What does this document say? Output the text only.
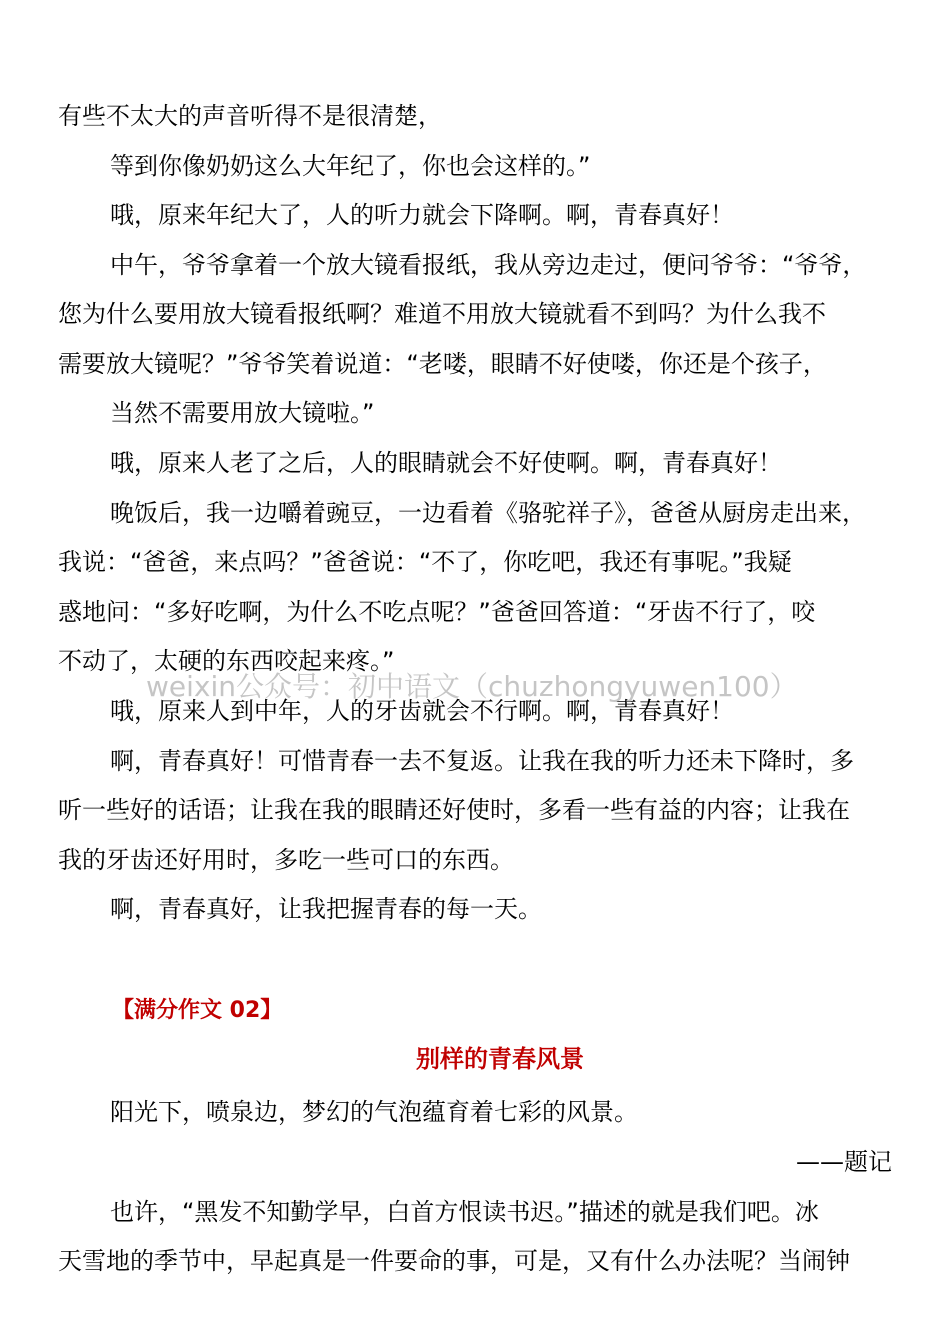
有些不太大的声音听得不是很清楚，
等到你像奶奶这么大年纪了，你也会这样的。”
哦，原来年纪大了，人的听力就会下降啊。啊，青春真好！
中午，爷爷拿着一个放大镜看报纸，我从旁边走过，便问爷爷：“爷爷，
您为什么要用放大镜看报纸啊？难道不用放大镜就看不到吗？为什么我不
需要放大镜呢？”爷爷笑着说道：“老喽，眼睛不好使喽，你还是个孩子，
当然不需要用放大镜啦。”
哦，原来人老了之后，人的眼睛就会不好使啊。啊，青春真好！
晚饭后，我一边嚼着豌豆，一边看着《骆驼祥子》，爸爸从厨房走出来，
我说：“爸爸，来点吗？”爸爸说：“不了，你吃吧，我还有事呢。”我疑
惑地问：“多好吃啊，为什么不吃点呢？”爸爸回答道：“牙齿不行了，咬
不动了，太硬的东西咬起来疼。”
哦，原来人到中年，人的牙齿就会不行啊。啊，青春真好！
啊，青春真好！可惜青春一去不复返。让我在我的听力还未下降时，多
听一些好的话语；让我在我的眼睛还好使时，多看一些有益的内容；让我在
我的牙齿还好用时，多吃一些可口的东西。
啊，青春真好，让我把握青春的每一天。
weixin公众号：初中语文（chuzhongyuwen100）
【满分作文 02】
别样的青春风景
阳光下，喷泉边，梦幻的气泡蕴育着七彩的风景。
——题记
也许，“黑发不知勤学早，白首方恨读书迟。”描述的就是我们吧。冰
天雪地的季节中，早起真是一件要命的事，可是，又有什么办法呢？当闹钟
